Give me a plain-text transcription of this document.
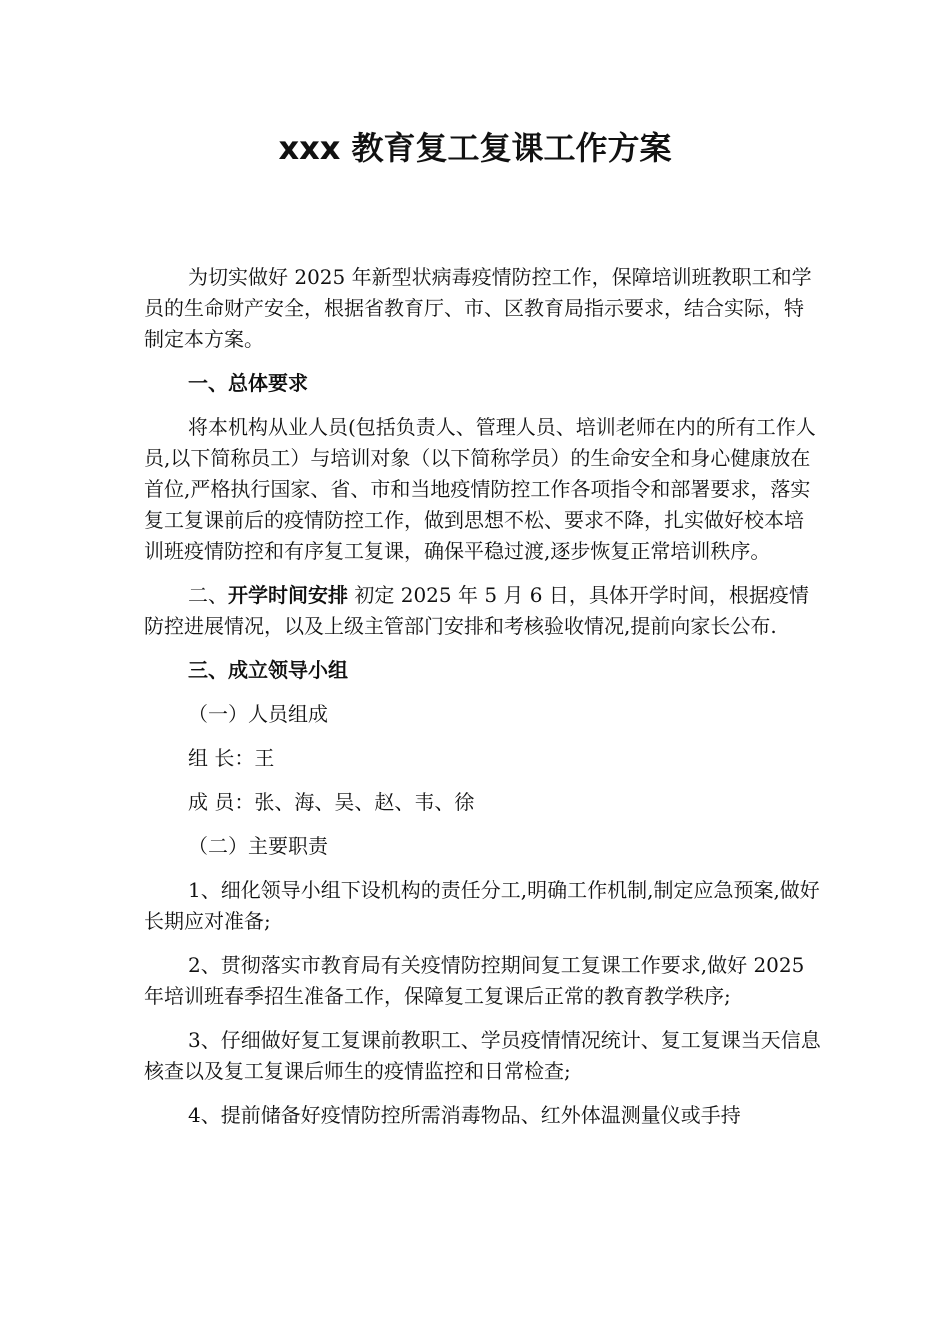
xxx 教育复工复课工作方案

为切实做好 2025 年新型状病毒疫情防控工作，保障培训班教职工和学员的生命财产安全，根据省教育厅、市、区教育局指示要求，结合实际，特制定本方案。

一、总体要求

将本机构从业人员(包括负责人、管理人员、培训老师在内的所有工作人员,以下简称员工）与培训对象（以下简称学员）的生命安全和身心健康放在首位,严格执行国家、省、市和当地疫情防控工作各项指令和部署要求，落实复工复课前后的疫情防控工作，做到思想不松、要求不降，扎实做好校本培训班疫情防控和有序复工复课，确保平稳过渡,逐步恢复正常培训秩序。

二、开学时间安排 初定 2025 年 5 月 6 日，具体开学时间，根据疫情防控进展情况，以及上级主管部门安排和考核验收情况,提前向家长公布.

三、成立领导小组

（一）人员组成

组 长：王

成 员：张、海、吴、赵、韦、徐

（二）主要职责

1、细化领导小组下设机构的责任分工,明确工作机制,制定应急预案,做好长期应对准备;

2、贯彻落实市教育局有关疫情防控期间复工复课工作要求,做好 2025 年培训班春季招生准备工作，保障复工复课后正常的教育教学秩序;

3、仔细做好复工复课前教职工、学员疫情情况统计、复工复课当天信息核查以及复工复课后师生的疫情监控和日常检查;

4、提前储备好疫情防控所需消毒物品、红外体温测量仪或手持
